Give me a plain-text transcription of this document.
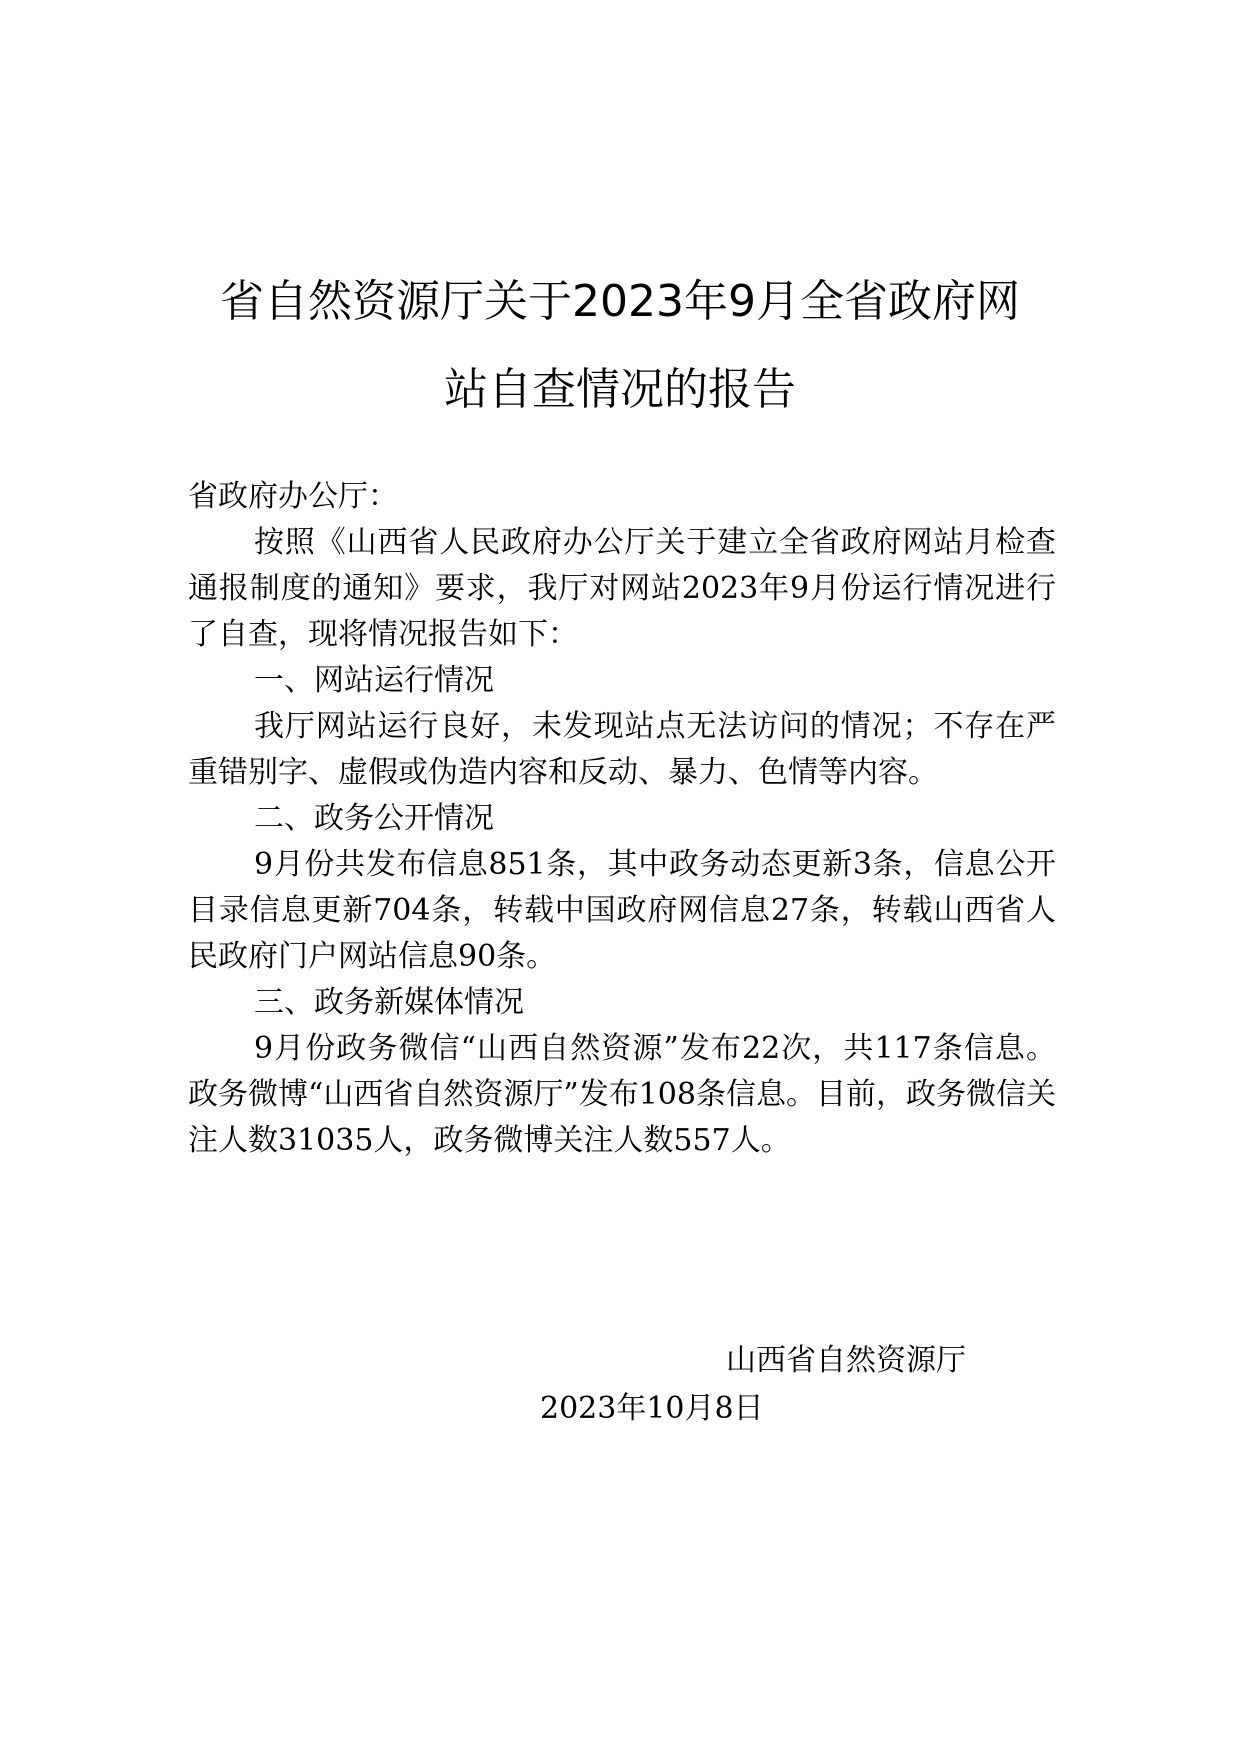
省自然资源厅关于2023年9月全省政府网
站自查情况的报告

省政府办公厅：

按照《山西省人民政府办公厅关于建立全省政府网站月检查通报制度的通知》要求，我厅对网站2023年9月份运行情况进行了自查，现将情况报告如下：

一、网站运行情况

我厅网站运行良好，未发现站点无法访问的情况；不存在严重错别字、虚假或伪造内容和反动、暴力、色情等内容。

二、政务公开情况

9月份共发布信息851条，其中政务动态更新3条，信息公开目录信息更新704条，转载中国政府网信息27条，转载山西省人民政府门户网站信息90条。

三、政务新媒体情况

9月份政务微信“山西自然资源”发布22次，共117条信息。政务微博“山西省自然资源厅”发布108条信息。目前，政务微信关注人数31035人，政务微博关注人数557人。

山西省自然资源厅
2023年10月8日
